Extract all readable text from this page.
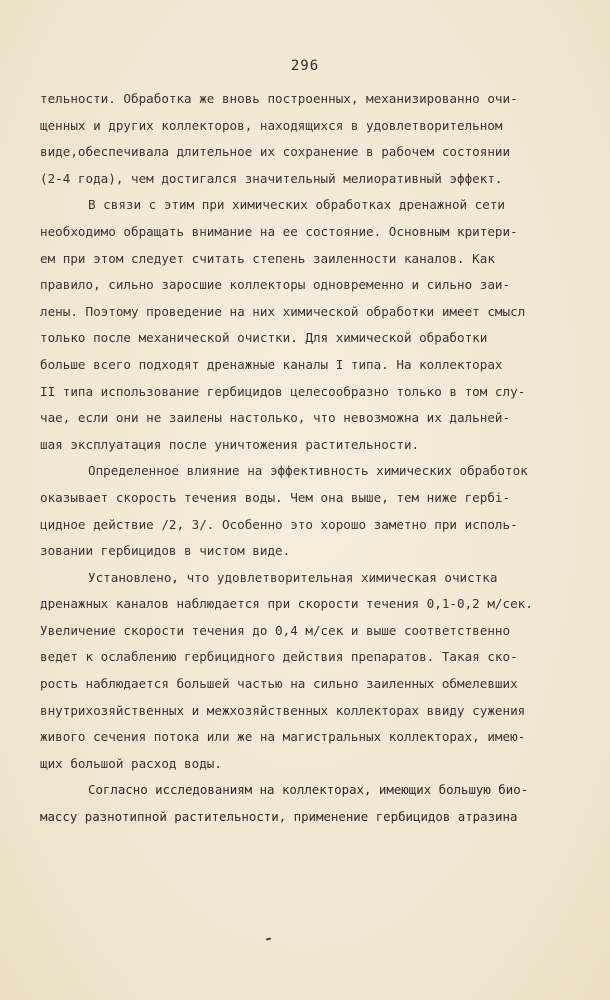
296
тельности. Обработка же вновь построенных, механизированно очи-
щенных и других коллекторов, находящихся в удовлетворительном
виде,обеспечивала длительное их сохранение в рабочем состоянии
(2-4 года), чем достигался значительный мелиоративный эффект.
В связи с этим при химических обработках дренажной сети
необходимо обращать внимание на ее состояние. Основным критери-
ем при этом следует считать степень заиленности каналов. Как
правило, сильно заросшие коллекторы одновременно и сильно заи-
лены. Поэтому проведение на них химической обработки имеет смысл
только после механической очистки. Для химической обработки
больше всего подходят дренажные каналы I типа. На коллекторах
II типа использование гербицидов целесообразно только в том слу-
чае, если они не заилены настолько, что невозможна их дальней-
шая эксплуатация после уничтожения растительности.
Определенное влияние на эффективность химических обработок
оказывает скорость течения воды. Чем она выше, тем ниже гербі-
цидное действие /2, 3/. Особенно это хорошо заметно при исполь-
зовании гербицидов в чистом виде.
Установлено, что удовлетворительная химическая очистка
дренажных каналов наблюдается при скорости течения 0,1-0,2 м/сек.
Увеличение скорости течения до 0,4 м/сек и выше соответственно
ведет к ослаблению гербицидного действия препаратов. Такая ско-
рость наблюдается большей частью на сильно заиленных обмелевших
внутрихозяйственных и межхозяйственных коллекторах ввиду сужения
живого сечения потока или же на магистральных коллекторах, имею-
щих большой расход воды.
Согласно исследованиям на коллекторах, имеющих большую био-
массу разнотипной растительности, применение гербицидов атразина
